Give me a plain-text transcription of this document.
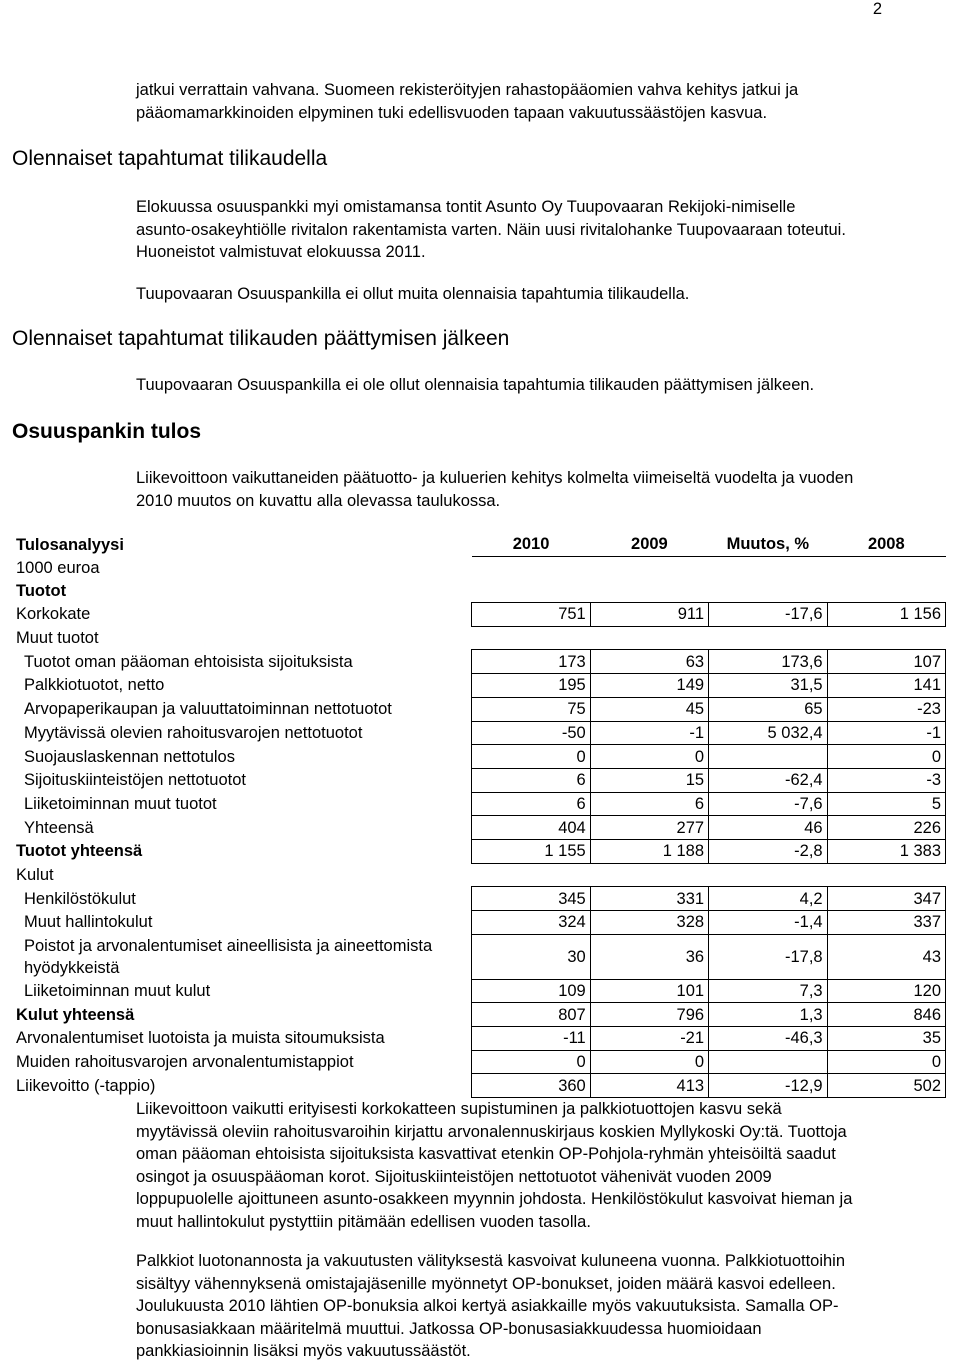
2
jatkui verrattain vahvana. Suomeen rekisteröityjen rahastopääomien vahva kehitys jatkui ja
pääomamarkkinoiden elpyminen tuki edellisvuoden tapaan vakuutussäästöjen kasvua.
Olennaiset tapahtumat tilikaudella
Elokuussa osuuspankki myi omistamansa tontit Asunto Oy Tuupovaaran Rekijoki-nimiselle
asunto-osakeyhtiölle rivitalon rakentamista varten. Näin uusi rivitalohanke Tuupovaaraan toteutui.
Huoneistot valmistuvat elokuussa 2011.
Tuupovaaran Osuuspankilla ei ollut muita olennaisia tapahtumia tilikaudella.
Olennaiset tapahtumat tilikauden päättymisen jälkeen
Tuupovaaran Osuuspankilla ei ole ollut olennaisia tapahtumia tilikauden päättymisen jälkeen.
Osuuspankin tulos
Liikevoittoon vaikuttaneiden päätuotto- ja kuluerien kehitys kolmelta viimeiseltä vuodelta ja vuoden
2010 muutos on kuvattu alla olevassa taulukossa.
Tulosanalyysi	2010	2009	Muutos, %	2008
1000 euroa				
Tuotot				
Korkokate	751	911	-17,6	1 156
Muut tuotot				
Tuotot oman pääoman ehtoisista sijoituksista	173	63	173,6	107
Palkkiotuotot, netto	195	149	31,5	141
Arvopaperikaupan ja valuuttatoiminnan nettotuotot	75	45	65	-23
Myytävissä olevien rahoitusvarojen nettotuotot	-50	-1	5 032,4	-1
Suojauslaskennan nettotulos	0	0		0
Sijoituskiinteistöjen nettotuotot	6	15	-62,4	-3
Liiketoiminnan muut tuotot	6	6	-7,6	5
Yhteensä	404	277	46	226
Tuotot yhteensä	1 155	1 188	-2,8	1 383
Kulut				
Henkilöstökulut	345	331	4,2	347
Muut hallintokulut	324	328	-1,4	337
Poistot ja arvonalentumiset aineellisista ja aineettomista hyödykkeistä	30	36	-17,8	43
Liiketoiminnan muut kulut	109	101	7,3	120
Kulut yhteensä	807	796	1,3	846
Arvonalentumiset luotoista ja muista sitoumuksista	-11	-21	-46,3	35
Muiden rahoitusvarojen arvonalentumistappiot	0	0		0
Liikevoitto (-tappio)	360	413	-12,9	502
Liikevoittoon vaikutti erityisesti korkokatteen supistuminen ja palkkiotuottojen kasvu sekä
myytävissä oleviin rahoitusvaroihin kirjattu arvonalennuskirjaus koskien Myllykoski Oy:tä. Tuottoja
oman pääoman ehtoisista sijoituksista kasvattivat etenkin OP-Pohjola-ryhmän yhteisöiltä saadut
osingot ja osuuspääoman korot. Sijoituskiinteistöjen nettotuotot vähenivät vuoden 2009
loppupuolelle ajoittuneen asunto-osakkeen myynnin johdosta. Henkilöstökulut kasvoivat hieman ja
muut hallintokulut pystyttiin pitämään edellisen vuoden tasolla.
Palkkiot luotonannosta ja vakuutusten välityksestä kasvoivat kuluneena vuonna. Palkkiotuottoihin
sisältyy vähennyksenä omistajajäsenille myönnetyt OP-bonukset, joiden määrä kasvoi edelleen.
Joulukuusta 2010 lähtien OP-bonuksia alkoi kertyä asiakkaille myös vakuutuksista. Samalla OP-
bonusasiakkaan määritelmä muuttui. Jatkossa OP-bonusasiakkuudessa huomioidaan
pankkiasioinnin lisäksi myös vakuutussäästöt.
